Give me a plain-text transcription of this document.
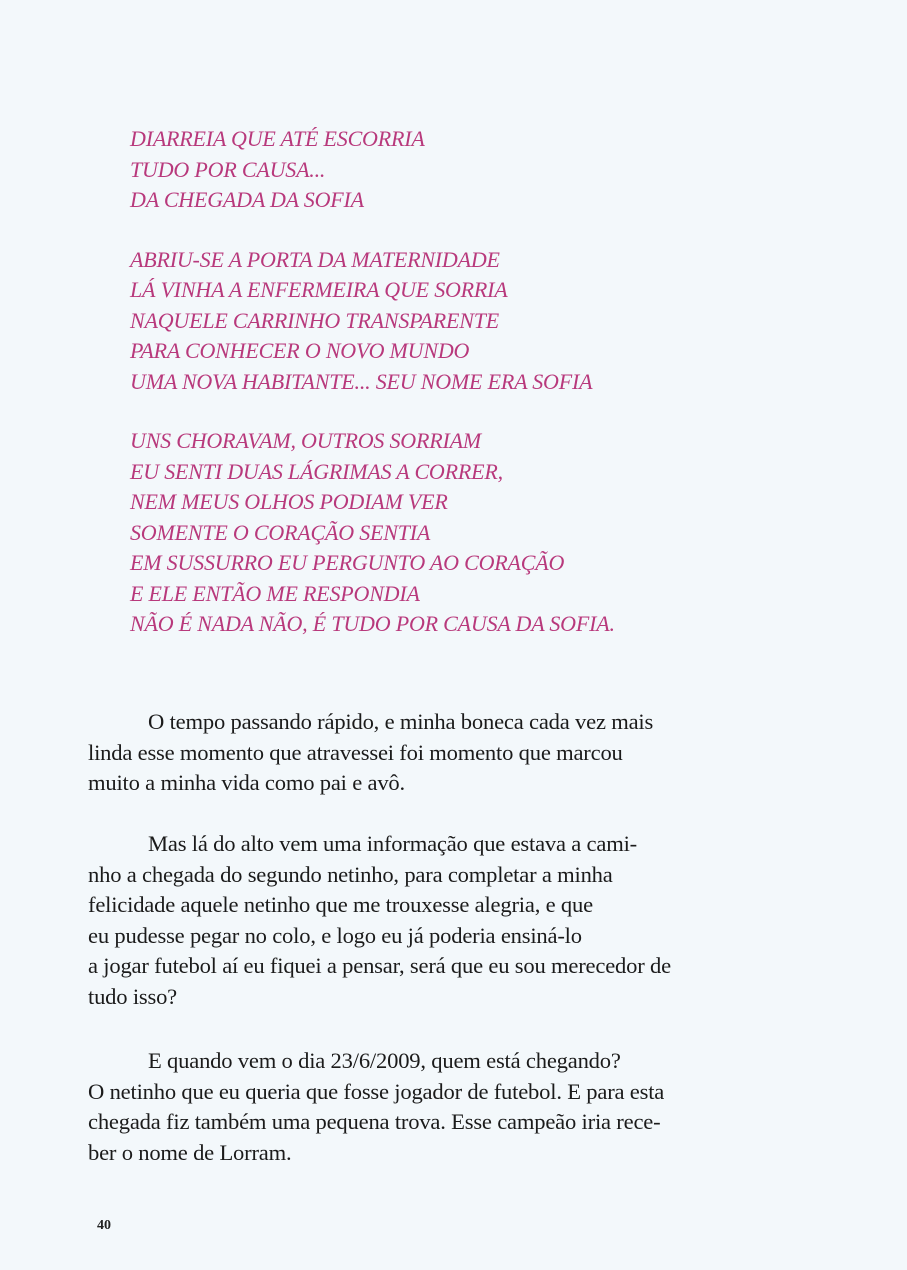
DIARREIA QUE ATÉ ESCORRIA
TUDO POR CAUSA...
DA CHEGADA DA SOFIA
ABRIU-SE A PORTA DA MATERNIDADE
LÁ VINHA A ENFERMEIRA QUE SORRIA
NAQUELE CARRINHO TRANSPARENTE
PARA CONHECER O NOVO MUNDO
UMA NOVA HABITANTE... SEU NOME ERA SOFIA
UNS CHORAVAM, OUTROS SORRIAM
EU SENTI DUAS LÁGRIMAS A CORRER,
NEM MEUS OLHOS PODIAM VER
SOMENTE O CORAÇÃO SENTIA
EM SUSSURRO EU PERGUNTO AO CORAÇÃO
E ELE ENTÃO ME RESPONDIA
NÃO É NADA NÃO, É TUDO POR CAUSA DA SOFIA.
O tempo passando rápido, e minha boneca cada vez mais
linda esse momento que atravessei foi momento que marcou
muito a minha vida como pai e avô.
Mas lá do alto vem uma informação que estava a cami-
nho a chegada do segundo netinho, para completar a minha
felicidade aquele netinho que me trouxesse alegria, e que
eu pudesse pegar no colo, e logo eu já poderia ensiná-lo
a jogar futebol aí eu fiquei a pensar, será que eu sou merecedor de
tudo isso?
E quando vem o dia 23/6/2009, quem está chegando?
O netinho que eu queria que fosse jogador de futebol. E para esta
chegada fiz também uma pequena trova. Esse campeão iria rece-
ber o nome de Lorram.
40
